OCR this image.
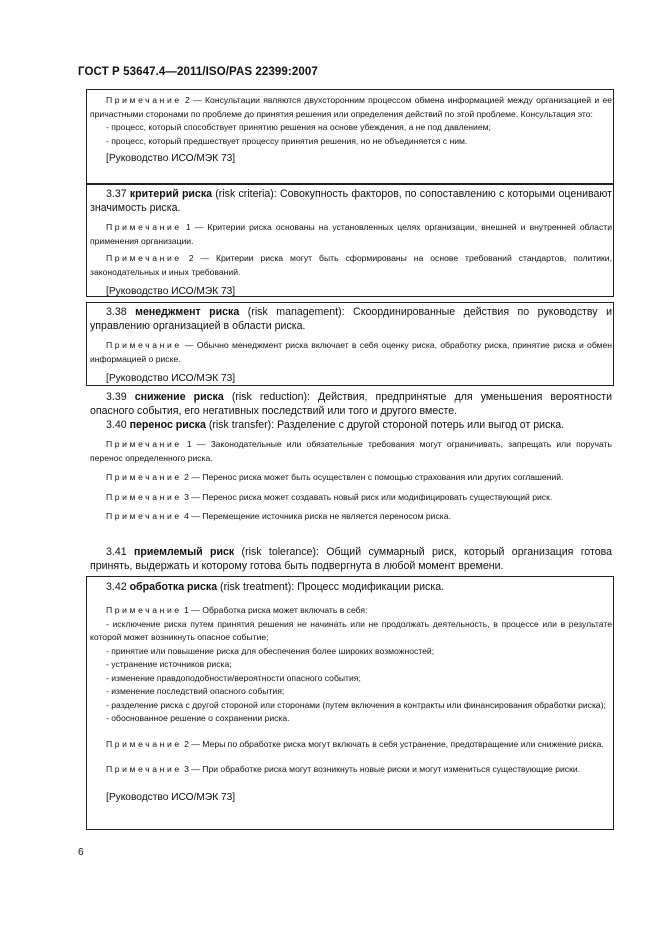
ГОСТ Р 53647.4—2011/ISO/PAS 22399:2007

Примечание 2 — Консультации являются двухсторонним процессом обмена информацией между организацией и ее причастными сторонами по проблеме до принятия решения или определения действий по этой проблеме. Консультация это:

- процесс, который способствует принятию решения на основе убеждения, а не под давлением;

- процесс, который предшествует процессу принятия решения, но не объединяется с ним.

[Руководство ИСО/МЭК 73]

3.37 критерий риска (risk criteria): Совокупность факторов, по сопоставлению с которыми оценивают значимость риска.

Примечание 1 — Критерии риска основаны на установленных целях организации, внешней и внутренней области применения организации.

Примечание 2 — Критерии риска могут быть сформированы на основе требований стандартов, политики, законодательных и иных требований.

[Руководство ИСО/МЭК 73]

3.38 менеджмент риска (risk management): Скоординированные действия по руководству и управлению организацией в области риска.

Примечание — Обычно менеджмент риска включает в себя оценку риска, обработку риска, принятие риска и обмен информацией о риске.

[Руководство ИСО/МЭК 73]

3.39 снижение риска (risk reduction): Действия, предпринятые для уменьшения вероятности опасного события, его негативных последствий или того и другого вместе.

3.40 перенос риска (risk transfer): Разделение с другой стороной потерь или выгод от риска.

Примечание 1 — Законодательные или обязательные требования могут ограничивать, запрещать или поручать перенос определенного риска.

Примечание 2 — Перенос риска может быть осуществлен с помощью страхования или других соглашений.

Примечание 3 — Перенос риска может создавать новый риск или модифицировать существующий риск.

Примечание 4 — Перемещение источника риска не является переносом риска.

3.41 приемлемый риск (risk tolerance): Общий суммарный риск, который организация готова принять, выдержать и которому готова быть подвергнута в любой момент времени.

3.42 обработка риска (risk treatment): Процесс модификации риска.

Примечание 1 — Обработка риска может включать в себя:

- исключение риска путем принятия решения не начинать или не продолжать деятельность, в процессе или в результате которой может возникнуть опасное событие;

- принятие или повышение риска для обеспечения более широких возможностей;

- устранение источников риска;

- изменение правдоподобности/вероятности опасного события;

- изменение последствий опасного события;

- разделение риска с другой стороной или сторонами (путем включения в контракты или финансирования обработки риска);

- обоснованное решение о сохранении риска.

Примечание 2 — Меры по обработке риска могут включать в себя устранение, предотвращение или снижение риска.

Примечание 3 — При обработке риска могут возникнуть новые риски и могут измениться существующие риски.

[Руководство ИСО/МЭК 73]

6
